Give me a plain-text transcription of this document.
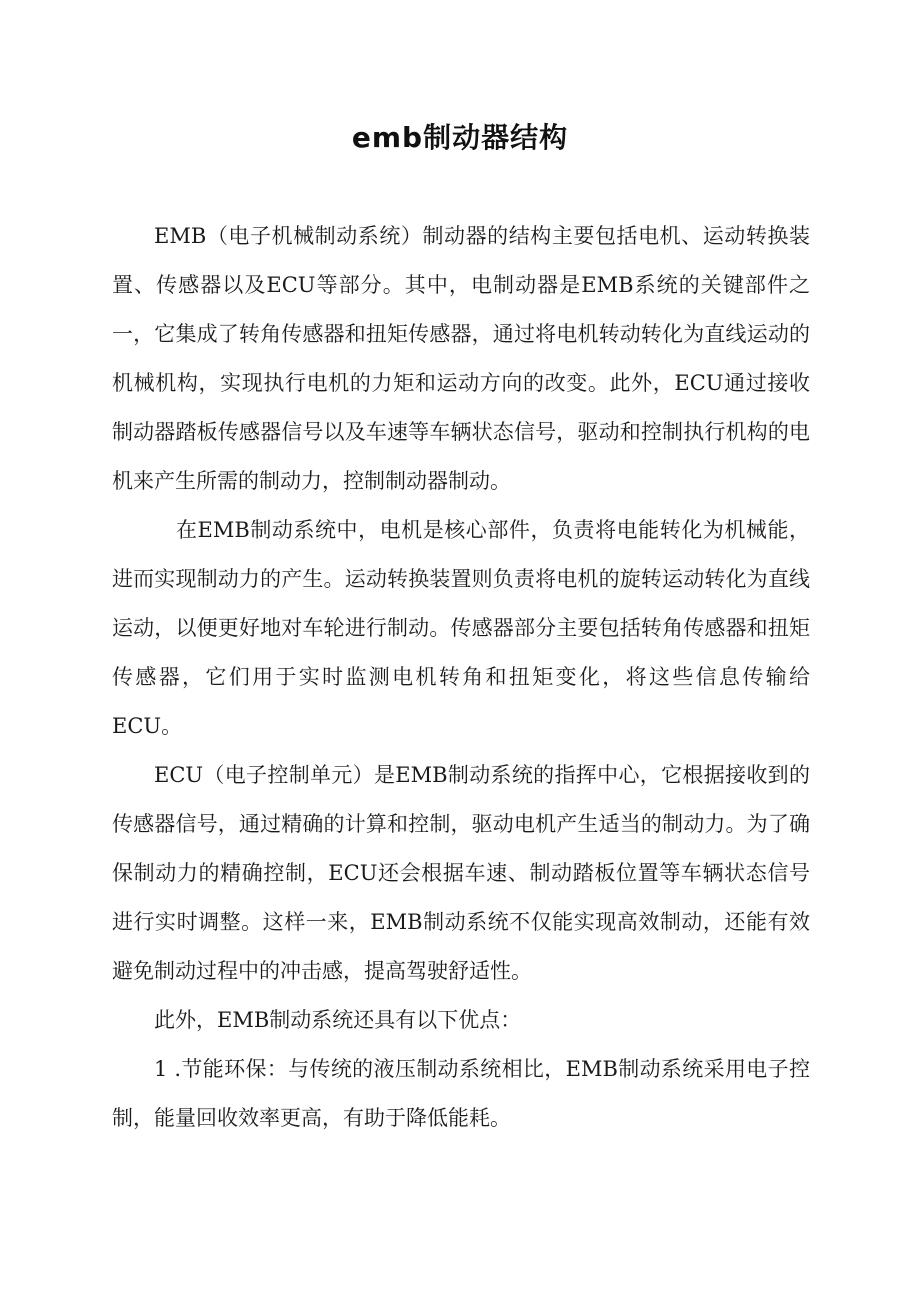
emb制动器结构

EMB（电子机械制动系统）制动器的结构主要包括电机、运动转换装置、传感器以及ECU等部分。其中，电制动器是EMB系统的关键部件之一，它集成了转角传感器和扭矩传感器，通过将电机转动转化为直线运动的机械机构，实现执行电机的力矩和运动方向的改变。此外，ECU通过接收制动器踏板传感器信号以及车速等车辆状态信号，驱动和控制执行机构的电机来产生所需的制动力，控制制动器制动。

在EMB制动系统中，电机是核心部件，负责将电能转化为机械能，进而实现制动力的产生。运动转换装置则负责将电机的旋转运动转化为直线运动，以便更好地对车轮进行制动。传感器部分主要包括转角传感器和扭矩传感器，它们用于实时监测电机转角和扭矩变化，将这些信息传输给ECU。

ECU（电子控制单元）是EMB制动系统的指挥中心，它根据接收到的传感器信号，通过精确的计算和控制，驱动电机产生适当的制动力。为了确保制动力的精确控制，ECU还会根据车速、制动踏板位置等车辆状态信号进行实时调整。这样一来，EMB制动系统不仅能实现高效制动，还能有效避免制动过程中的冲击感，提高驾驶舒适性。

此外，EMB制动系统还具有以下优点：

1 .节能环保：与传统的液压制动系统相比，EMB制动系统采用电子控制，能量回收效率更高，有助于降低能耗。
